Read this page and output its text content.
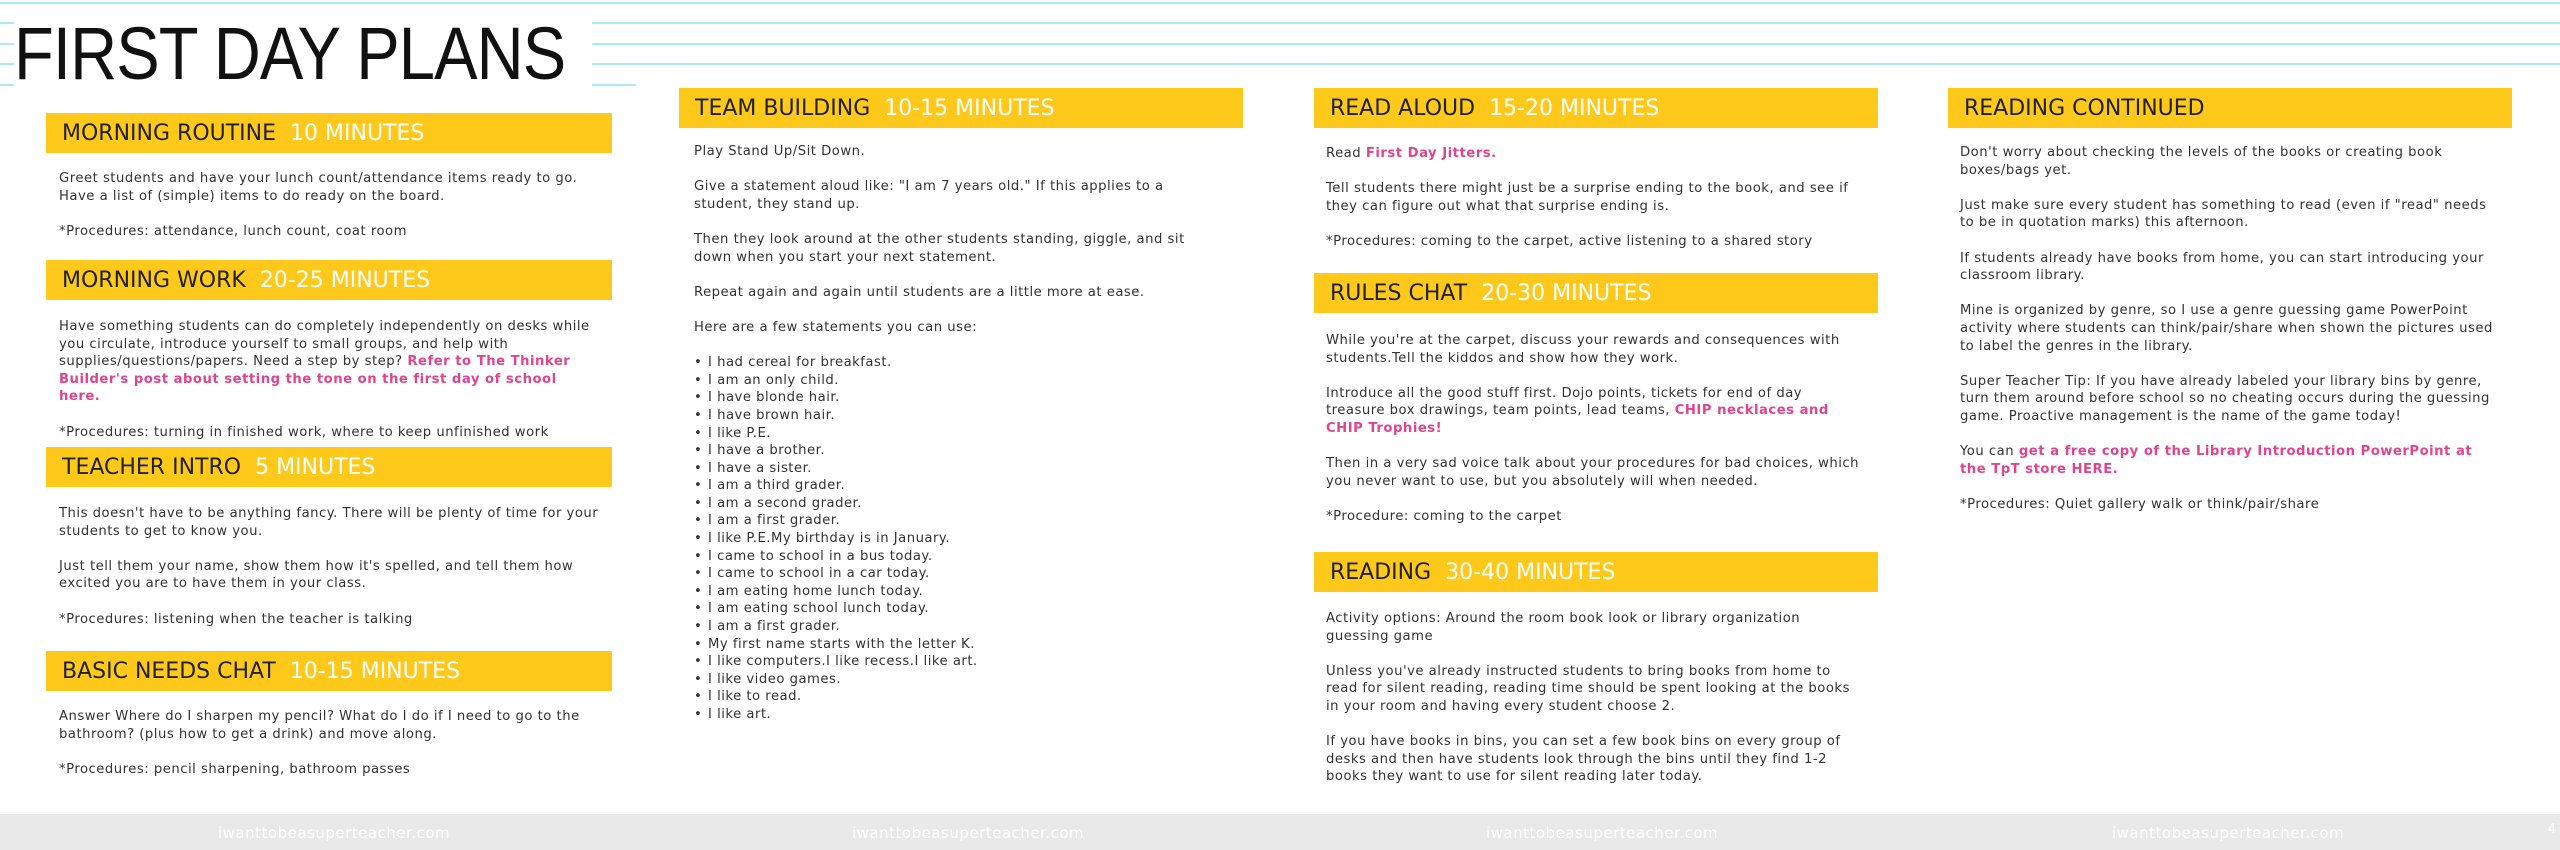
FIRST DAY PLANS
MORNING ROUTINE 10 MINUTES

Greet students and have your lunch count/attendance items ready to go. Have a list of (simple) items to do ready on the board.

*Procedures: attendance, lunch count, coat room

MORNING WORK 20-25 MINUTES

Have something students can do completely independently on desks while you circulate, introduce yourself to small groups, and help with supplies/questions/papers. Need a step by step? Refer to The Thinker Builder's post about setting the tone on the first day of school here.

*Procedures: turning in finished work, where to keep unfinished work

TEACHER INTRO 5 MINUTES

This doesn't have to be anything fancy. There will be plenty of time for your students to get to know you.

Just tell them your name, show them how it's spelled, and tell them how excited you are to have them in your class.

*Procedures: listening when the teacher is talking

BASIC NEEDS CHAT 10-15 MINUTES

Answer Where do I sharpen my pencil? What do I do if I need to go to the bathroom? (plus how to get a drink) and move along.

*Procedures: pencil sharpening, bathroom passes

TEAM BUILDING 10-15 MINUTES

Play Stand Up/Sit Down.

Give a statement aloud like: "I am 7 years old." If this applies to a student, they stand up.

Then they look around at the other students standing, giggle, and sit down when you start your next statement.

Repeat again and again until students are a little more at ease.

Here are a few statements you can use:

• I had cereal for breakfast.
• I am an only child.
• I have blonde hair.
• I have brown hair.
• I like P.E.
• I have a brother.
• I have a sister.
• I am a third grader.
• I am a second grader.
• I am a first grader.
• I like P.E.My birthday is in January.
• I came to school in a bus today.
• I came to school in a car today.
• I am eating home lunch today.
• I am eating school lunch today.
• I am a first grader.
• My first name starts with the letter K.
• I like computers.I like recess.I like art.
• I like video games.
• I like to read.
• I like art.
READ ALOUD 15-20 MINUTES

Read First Day Jitters.

Tell students there might just be a surprise ending to the book, and see if they can figure out what that surprise ending is.

*Procedures: coming to the carpet, active listening to a shared story

RULES CHAT 20-30 MINUTES

While you're at the carpet, discuss your rewards and consequences with students.Tell the kiddos and show how they work.

Introduce all the good stuff first. Dojo points, tickets for end of day treasure box drawings, team points, lead teams, CHIP necklaces and CHIP Trophies!

Then in a very sad voice talk about your procedures for bad choices, which you never want to use, but you absolutely will when needed.

*Procedure: coming to the carpet

READING 30-40 MINUTES

Activity options: Around the room book look or library organization guessing game

Unless you've already instructed students to bring books from home to read for silent reading, reading time should be spent looking at the books in your room and having every student choose 2.

If you have books in bins, you can set a few book bins on every group of desks and then have students look through the bins until they find 1-2 books they want to use for silent reading later today.

READING CONTINUED

Don't worry about checking the levels of the books or creating book boxes/bags yet.

Just make sure every student has something to read (even if "read" needs to be in quotation marks) this afternoon.

If students already have books from home, you can start introducing your classroom library.

Mine is organized by genre, so I use a genre guessing game PowerPoint activity where students can think/pair/share when shown the pictures used to label the genres in the library.

Super Teacher Tip: If you have already labeled your library bins by genre, turn them around before school so no cheating occurs during the guessing game. Proactive management is the name of the game today!

You can get a free copy of the Library Introduction PowerPoint at the TpT store HERE.

*Procedures: Quiet gallery walk or think/pair/share

iwanttobeasuperteacher.com	iwanttobeasuperteacher.com	iwanttobeasuperteacher.com	iwanttobeasuperteacher.com	4
